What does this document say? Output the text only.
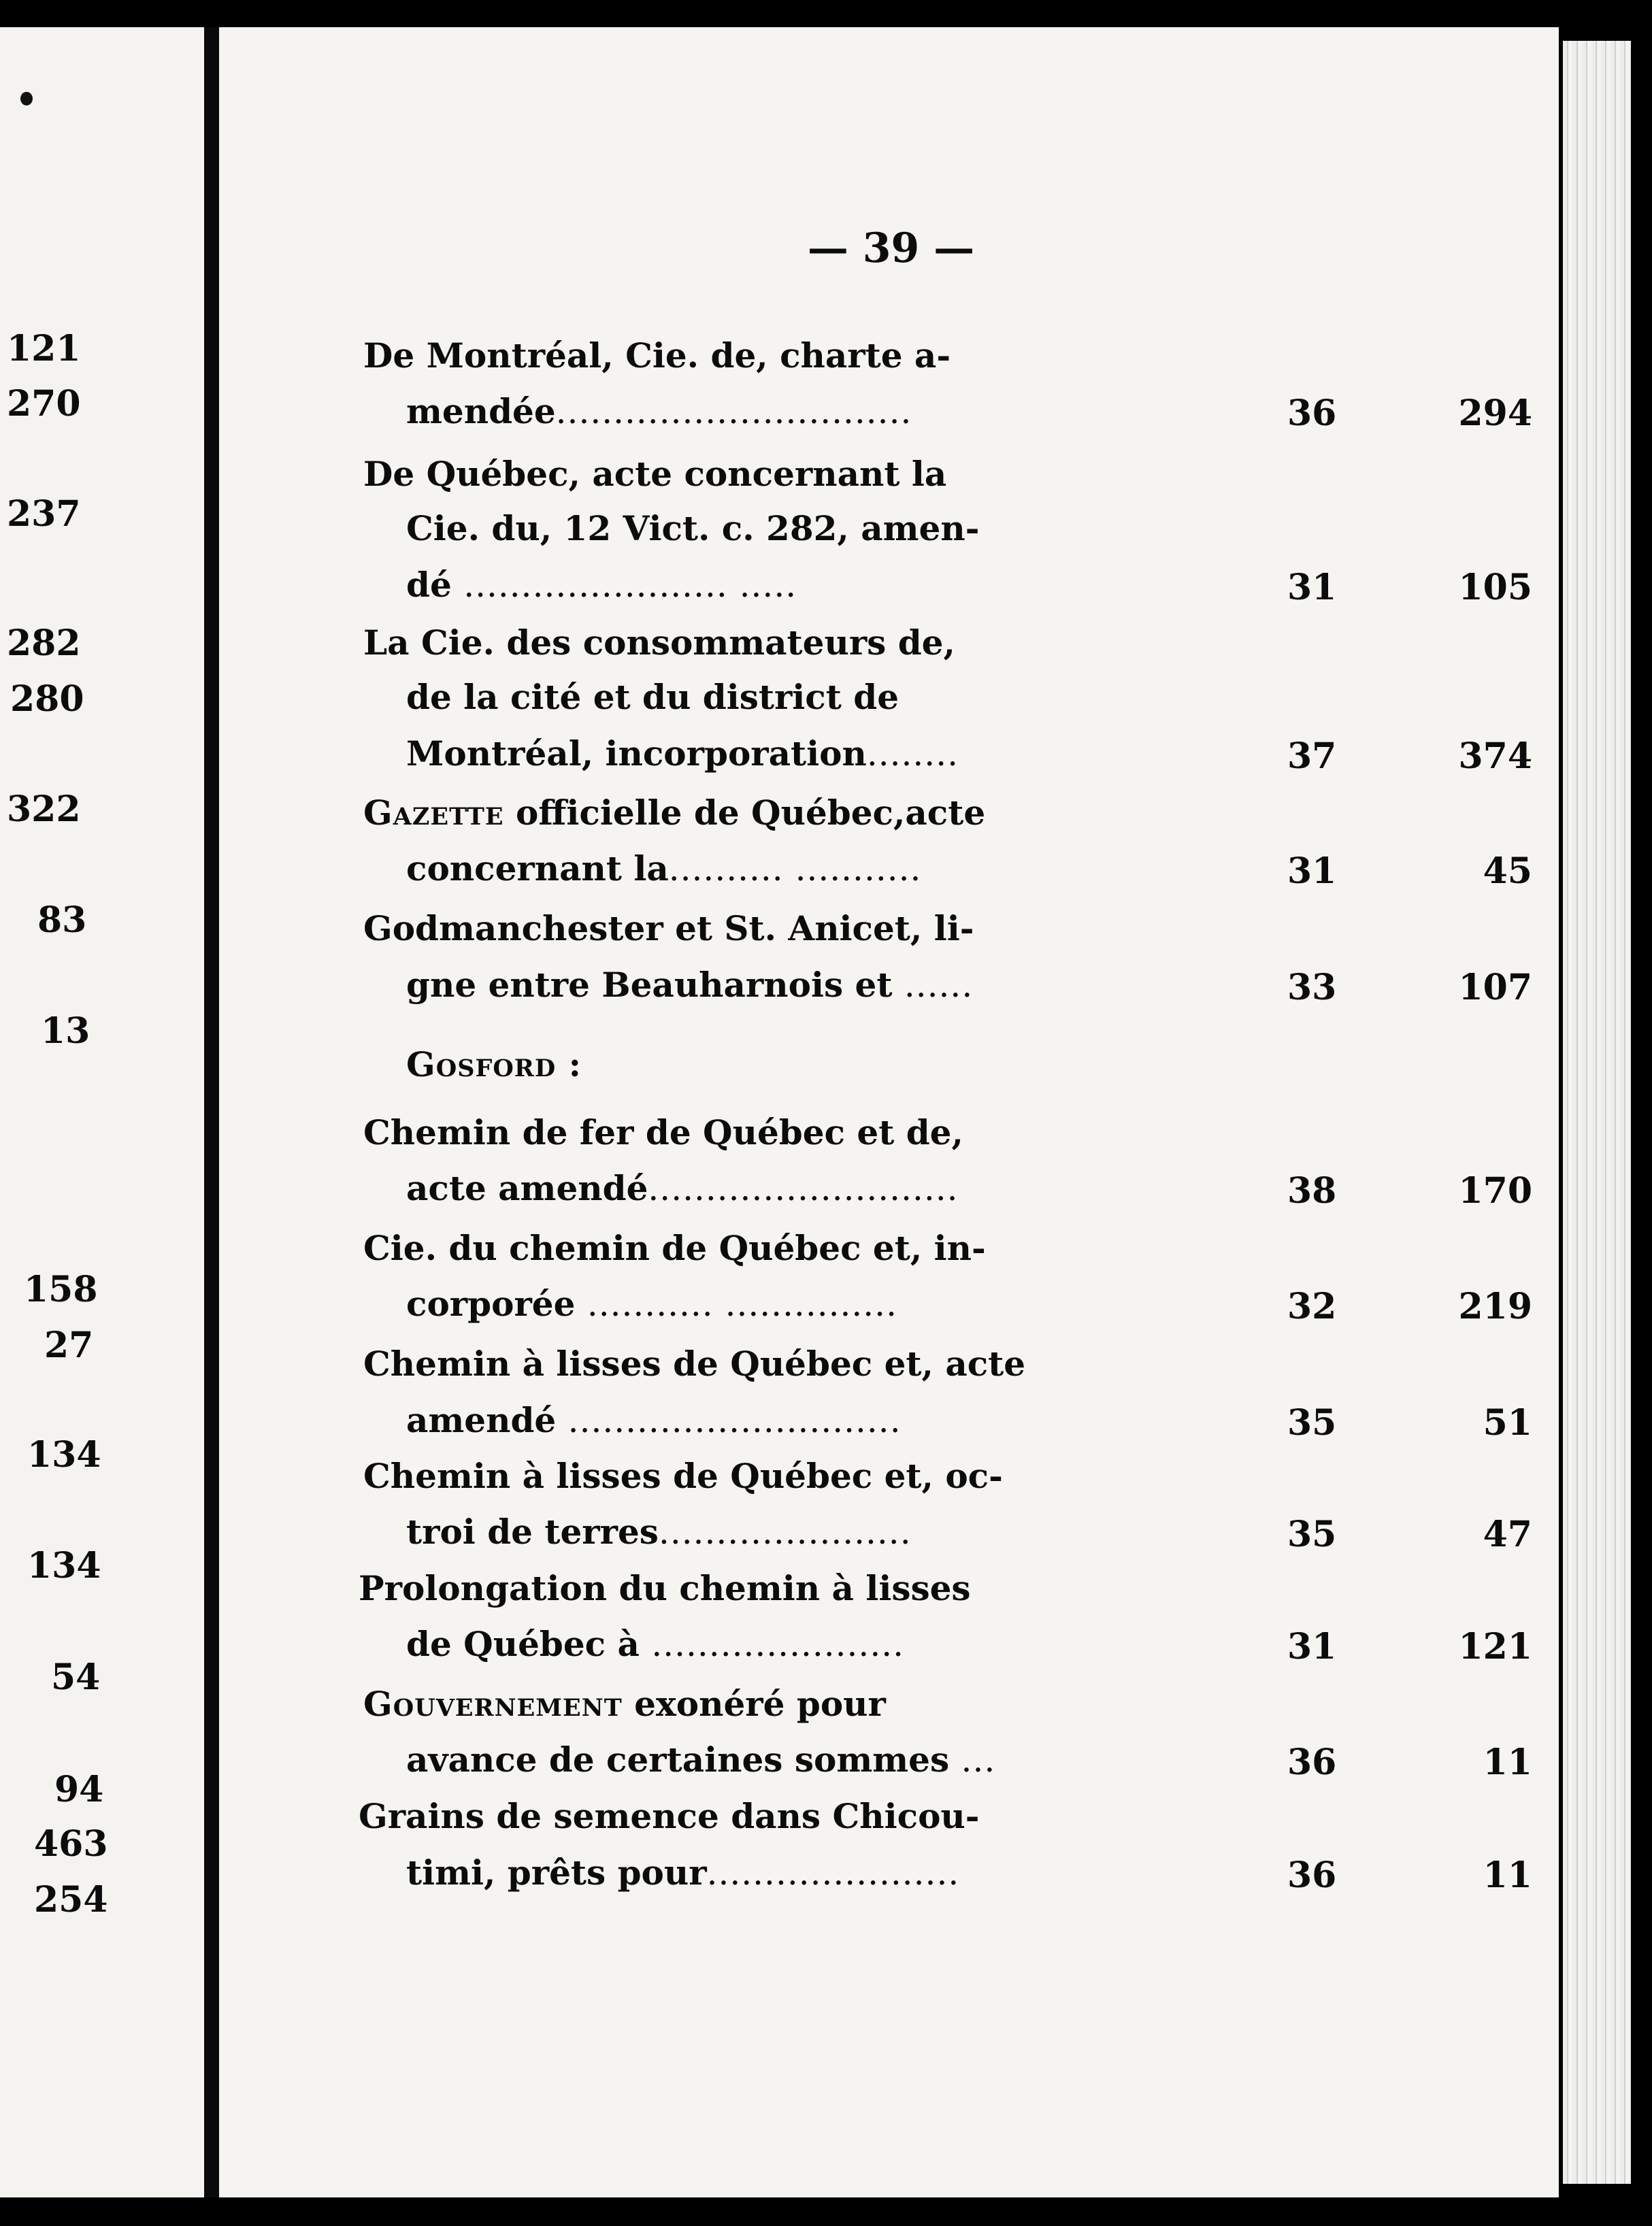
121
270
237
282
280
322
83
13
158
27
134
134
54
94
463
254
— 39 —
De Montréal, Cie. de, charte a-
mendée...............................	36	294
De Québec, acte concernant la
Cie. du, 12 Vict. c. 282, amen-
dé ....................... .....	31	105
La Cie. des consommateurs de,
de la cité et du district de
Montréal, incorporation........	37	374
Gazette officielle de Québec,acte
concernant la.......... ...........	31	45
Godmanchester et St. Anicet, li-
gne entre Beauharnois et ......	33	107
Gosford :
Chemin de fer de Québec et de,
acte amendé...........................	38	170
Cie. du chemin de Québec et, in-
corporée ........... ...............	32	219
Chemin à lisses de Québec et, acte
amendé .............................	35	51
Chemin à lisses de Québec et, oc-
troi de terres......................	35	47
Prolongation du chemin à lisses
de Québec à ......................	31	121
Gouvernement exonéré pour
avance de certaines sommes ...	36	11
Grains de semence dans Chicou-
timi, prêts pour......................	36	11
